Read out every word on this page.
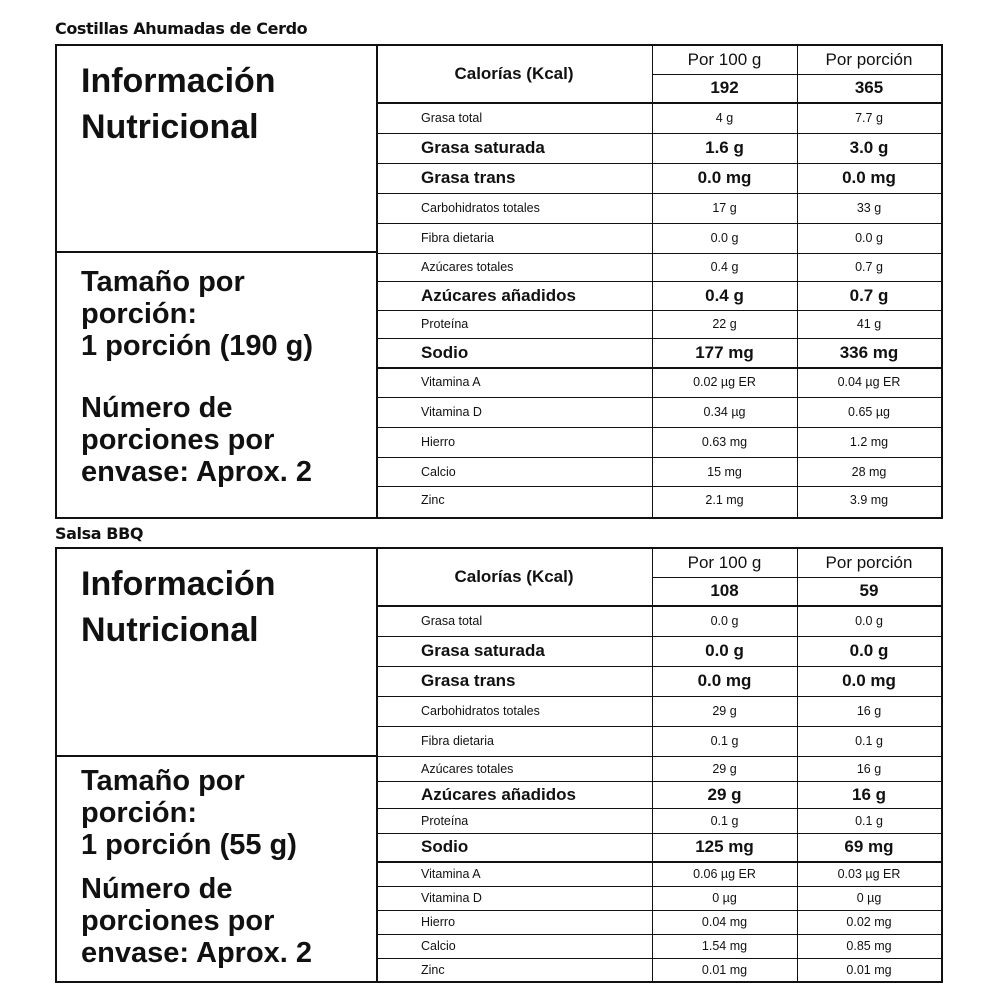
Costillas Ahumadas de Cerdo
Información
Nutricional
Tamaño por
porción:
1 porción (190 g)
Número de
porciones por
envase: Aprox. 2
Calorías (Kcal)
Por 100 g	Por porción
192	365
Grasa total	4 g	7.7 g
Grasa saturada	1.6 g	3.0 g
Grasa trans	0.0 mg	0.0 mg
Carbohidratos totales	17 g	33 g
Fibra dietaria	0.0 g	0.0 g
Azúcares totales	0.4 g	0.7 g
Azúcares añadidos	0.4 g	0.7 g
Proteína	22 g	41 g
Sodio	177 mg	336 mg
Vitamina A	0.02 µg ER	0.04 µg ER
Vitamina D	0.34 µg	0.65 µg
Hierro	0.63 mg	1.2 mg
Calcio	15 mg	28 mg
Zinc	2.1 mg	3.9 mg
Salsa BBQ
Información
Nutricional
Tamaño por
porción:
1 porción (55 g)
Número de
porciones por
envase: Aprox. 2
Calorías (Kcal)
Por 100 g	Por porción
108	59
Grasa total	0.0 g	0.0 g
Grasa saturada	0.0 g	0.0 g
Grasa trans	0.0 mg	0.0 mg
Carbohidratos totales	29 g	16 g
Fibra dietaria	0.1 g	0.1 g
Azúcares totales	29 g	16 g
Azúcares añadidos	29 g	16 g
Proteína	0.1 g	0.1 g
Sodio	125 mg	69 mg
Vitamina A	0.06 µg ER	0.03 µg ER
Vitamina D	0 µg	0 µg
Hierro	0.04 mg	0.02 mg
Calcio	1.54 mg	0.85 mg
Zinc	0.01 mg	0.01 mg
